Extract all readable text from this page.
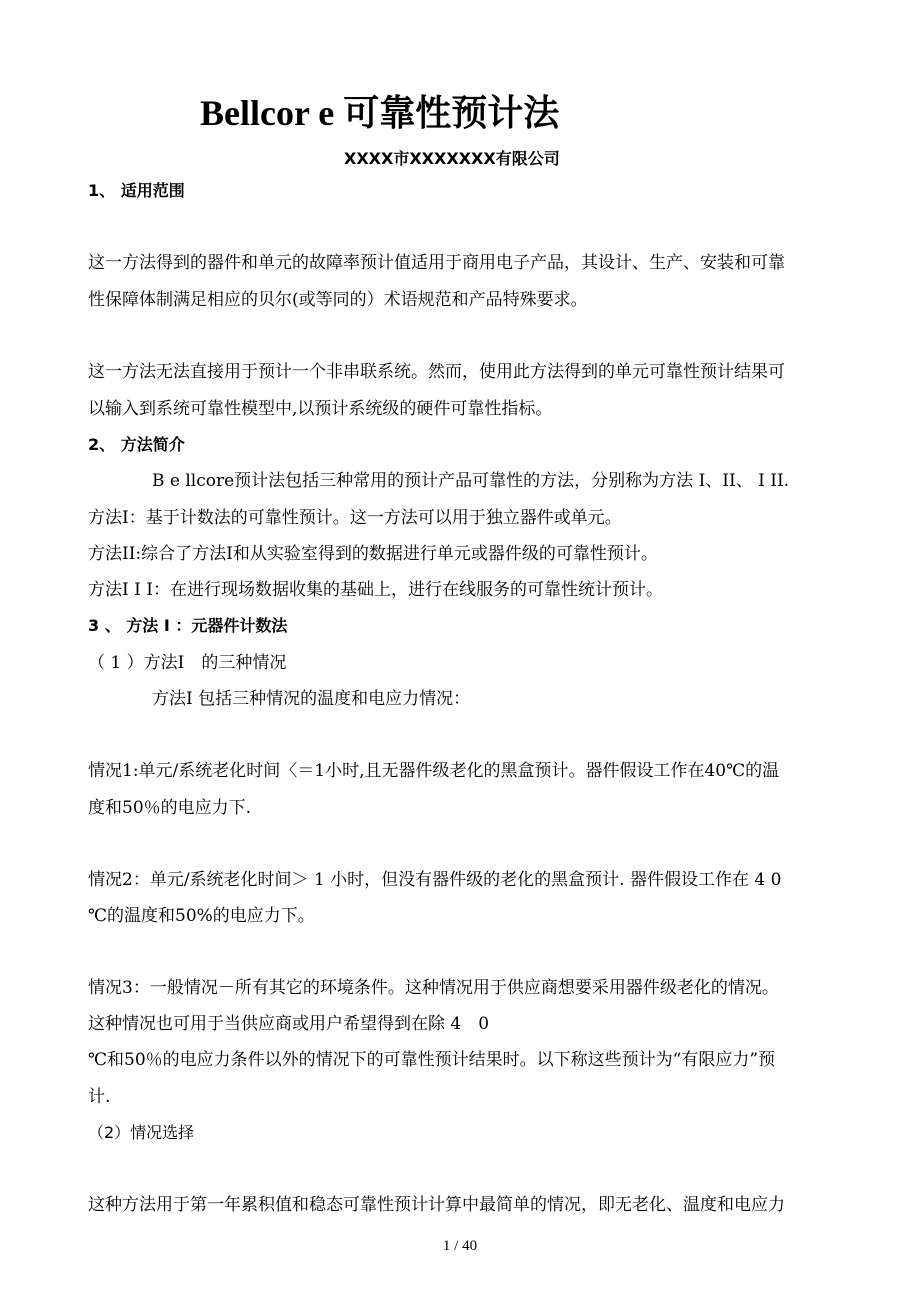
Bellcor e 可靠性预计法
XXXX市XXXXXXX有限公司
1、 适用范围
这一方法得到的器件和单元的故障率预计值适用于商用电子产品，其设计、生产、安装和可靠
性保障体制满足相应的贝尔(或等同的）术语规范和产品特殊要求。
这一方法无法直接用于预计一个非串联系统。然而，使用此方法得到的单元可靠性预计结果可
以输入到系统可靠性模型中,以预计系统级的硬件可靠性指标。
2、 方法简介
B e llcore预计法包括三种常用的预计产品可靠性的方法，分别称为方法 I、II、 I II.
方法I：基于计数法的可靠性预计。这一方法可以用于独立器件或单元。
方法II:综合了方法I和从实验室得到的数据进行单元或器件级的可靠性预计。
方法I I I：在进行现场数据收集的基础上，进行在线服务的可靠性统计预计。
3 、 方法 I ：元器件计数法
（ 1 ）方法I　的三种情况
方法I 包括三种情况的温度和电应力情况：
情况1:单元/系统老化时间〈＝1小时,且无器件级老化的黑盒预计。器件假设工作在40℃的温
度和50％的电应力下.
情况2：单元/系统老化时间＞ 1 小时，但没有器件级的老化的黑盒预计. 器件假设工作在 4 0
℃的温度和50%的电应力下。
情况3：一般情况－所有其它的环境条件。这种情况用于供应商想要采用器件级老化的情况。
这种情况也可用于当供应商或用户希望得到在除 4　0
℃和50％的电应力条件以外的情况下的可靠性预计结果时。以下称这些预计为“有限应力”预
计.
（2）情况选择
这种方法用于第一年累积值和稳态可靠性预计计算中最简单的情况，即无老化、温度和电应力
1 / 40
